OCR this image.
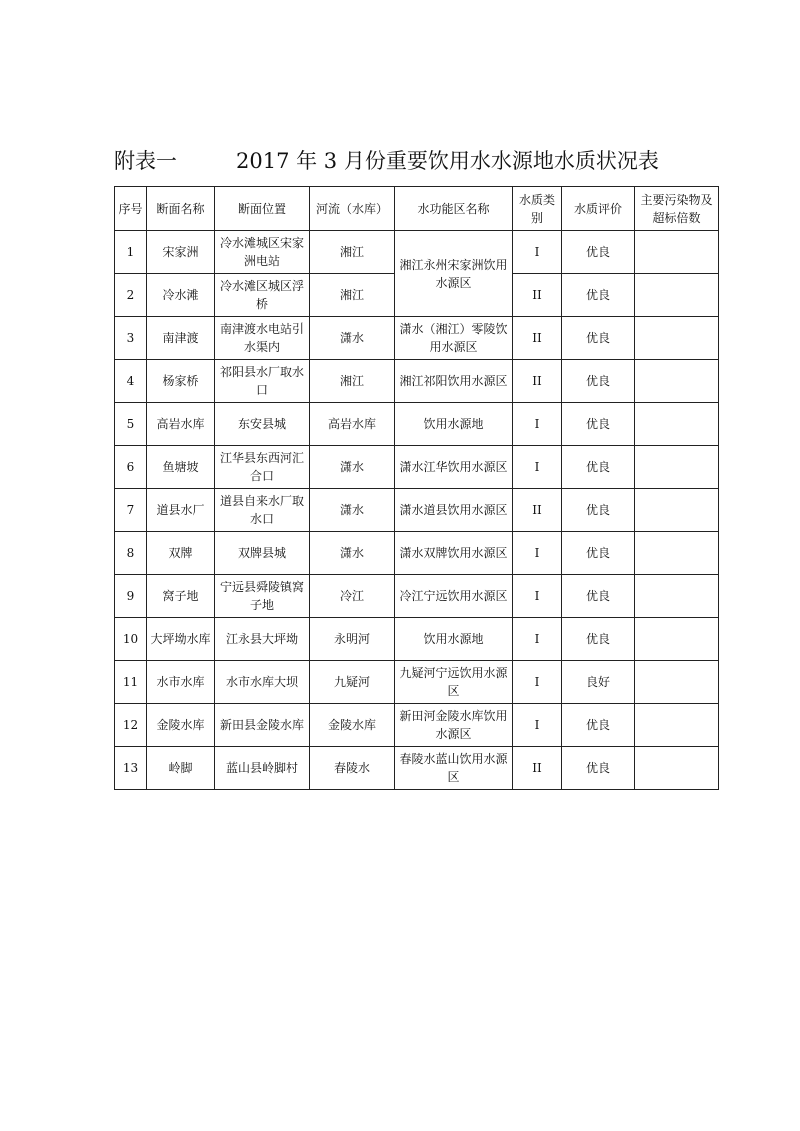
附表一	2017 年 3 月份重要饮用水水源地水质状况表
序号	断面名称	断面位置	河流（水库）	水功能区名称	水质类别	水质评价	主要污染物及超标倍数
1	宋家洲	冷水滩城区宋家洲电站	湘江	湘江永州宋家洲饮用水源区	I	优良	
2	冷水滩	冷水滩区城区浮桥	湘江		II	优良	
3	南津渡	南津渡水电站引水渠内	潇水	潇水（湘江）零陵饮用水源区	II	优良	
4	杨家桥	祁阳县水厂取水口	湘江	湘江祁阳饮用水源区	II	优良	
5	高岩水库	东安县城	高岩水库	饮用水源地	I	优良	
6	鱼塘坡	江华县东西河汇合口	潇水	潇水江华饮用水源区	I	优良	
7	道县水厂	道县自来水厂取水口	潇水	潇水道县饮用水源区	II	优良	
8	双牌	双牌县城	潇水	潇水双牌饮用水源区	I	优良	
9	窝子地	宁远县舜陵镇窝子地	冷江	冷江宁远饮用水源区	I	优良	
10	大坪坳水库	江永县大坪坳	永明河	饮用水源地	I	优良	
11	水市水库	水市水库大坝	九疑河	九疑河宁远饮用水源区	I	良好	
12	金陵水库	新田县金陵水库	金陵水库	新田河金陵水库饮用水源区	I	优良	
13	岭脚	蓝山县岭脚村	春陵水	春陵水蓝山饮用水源区	II	优良	
